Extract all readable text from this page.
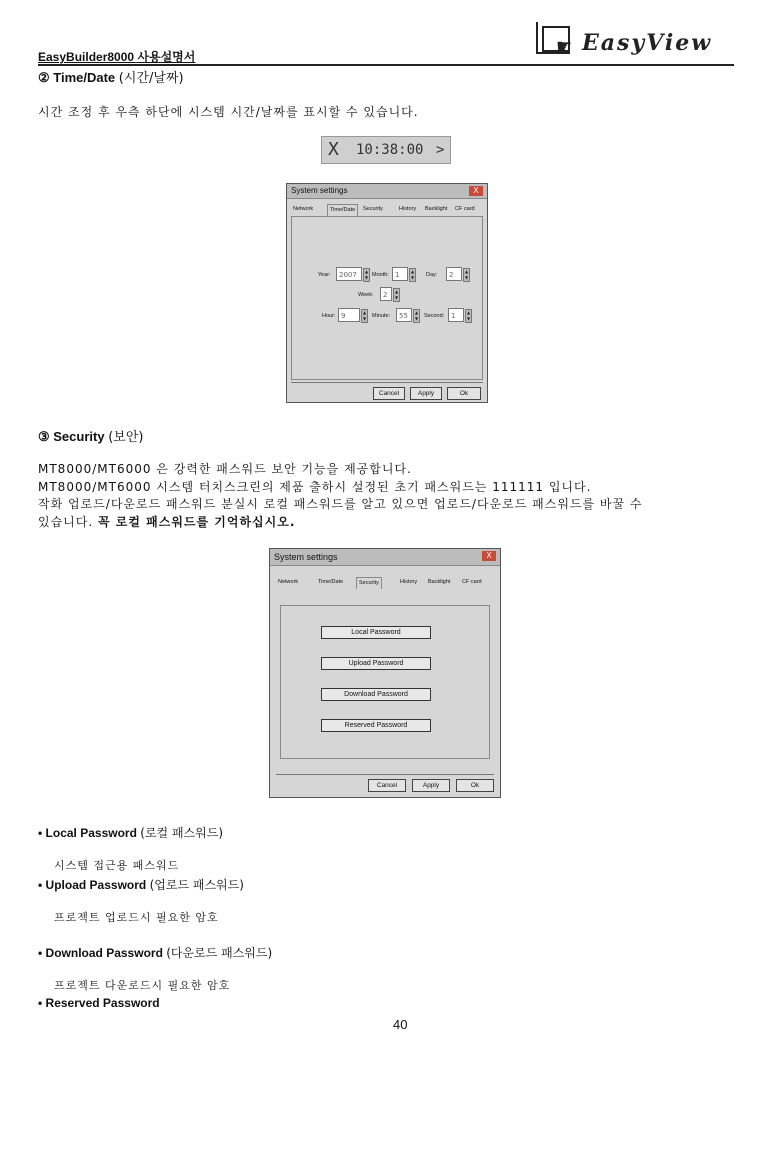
EasyBuilder8000 사용설명서	☛ EasyView
② Time/Date (시간/날짜)
시간 조정 후 우측 하단에 시스템 시간/날짜를 표시할 수 있습니다.
X 10:38:00 >
System settings	X
Network	Time/Date	Security	History Backlight CF card
Year:	2007	▲
▼ Month: 1	▲
▼	Day:	2	▲
▼
Week:	2	▲
▼
Hour: 9	▲
▼	Minute:	55	▲
▼	Second: 1	▲
▼
Cancel	Apply	Ok
③ Security (보안)
MT8000/MT6000 은 강력한 패스워드 보안 기능을 제공합니다.
MT8000/MT6000 시스템 터치스크린의 제품 출하시 설정된 초기 패스워드는 111111 입니다.
작화 업로드/다운로드 패스워드 분실시 로컬 패스워드를 알고 있으면 업로드/다운로드 패스워드를 바꿀 수
있습니다. 꼭 로컬 패스워드를 기억하십시오.
System settings	X
Network	Time/Date	Security	History Backlight CF card
Local Password
Upload Password
Download Password
Reserved Password
Cancel	Apply	Ok
• Local Password (로컬 패스워드)
시스템 접근용 패스워드
• Upload Password (업로드 패스워드)
프로젝트 업로드시 필요한 암호
• Download Password (다운로드 패스워드)
프로젝트 다운로드시 필요한 암호
• Reserved Password
40
